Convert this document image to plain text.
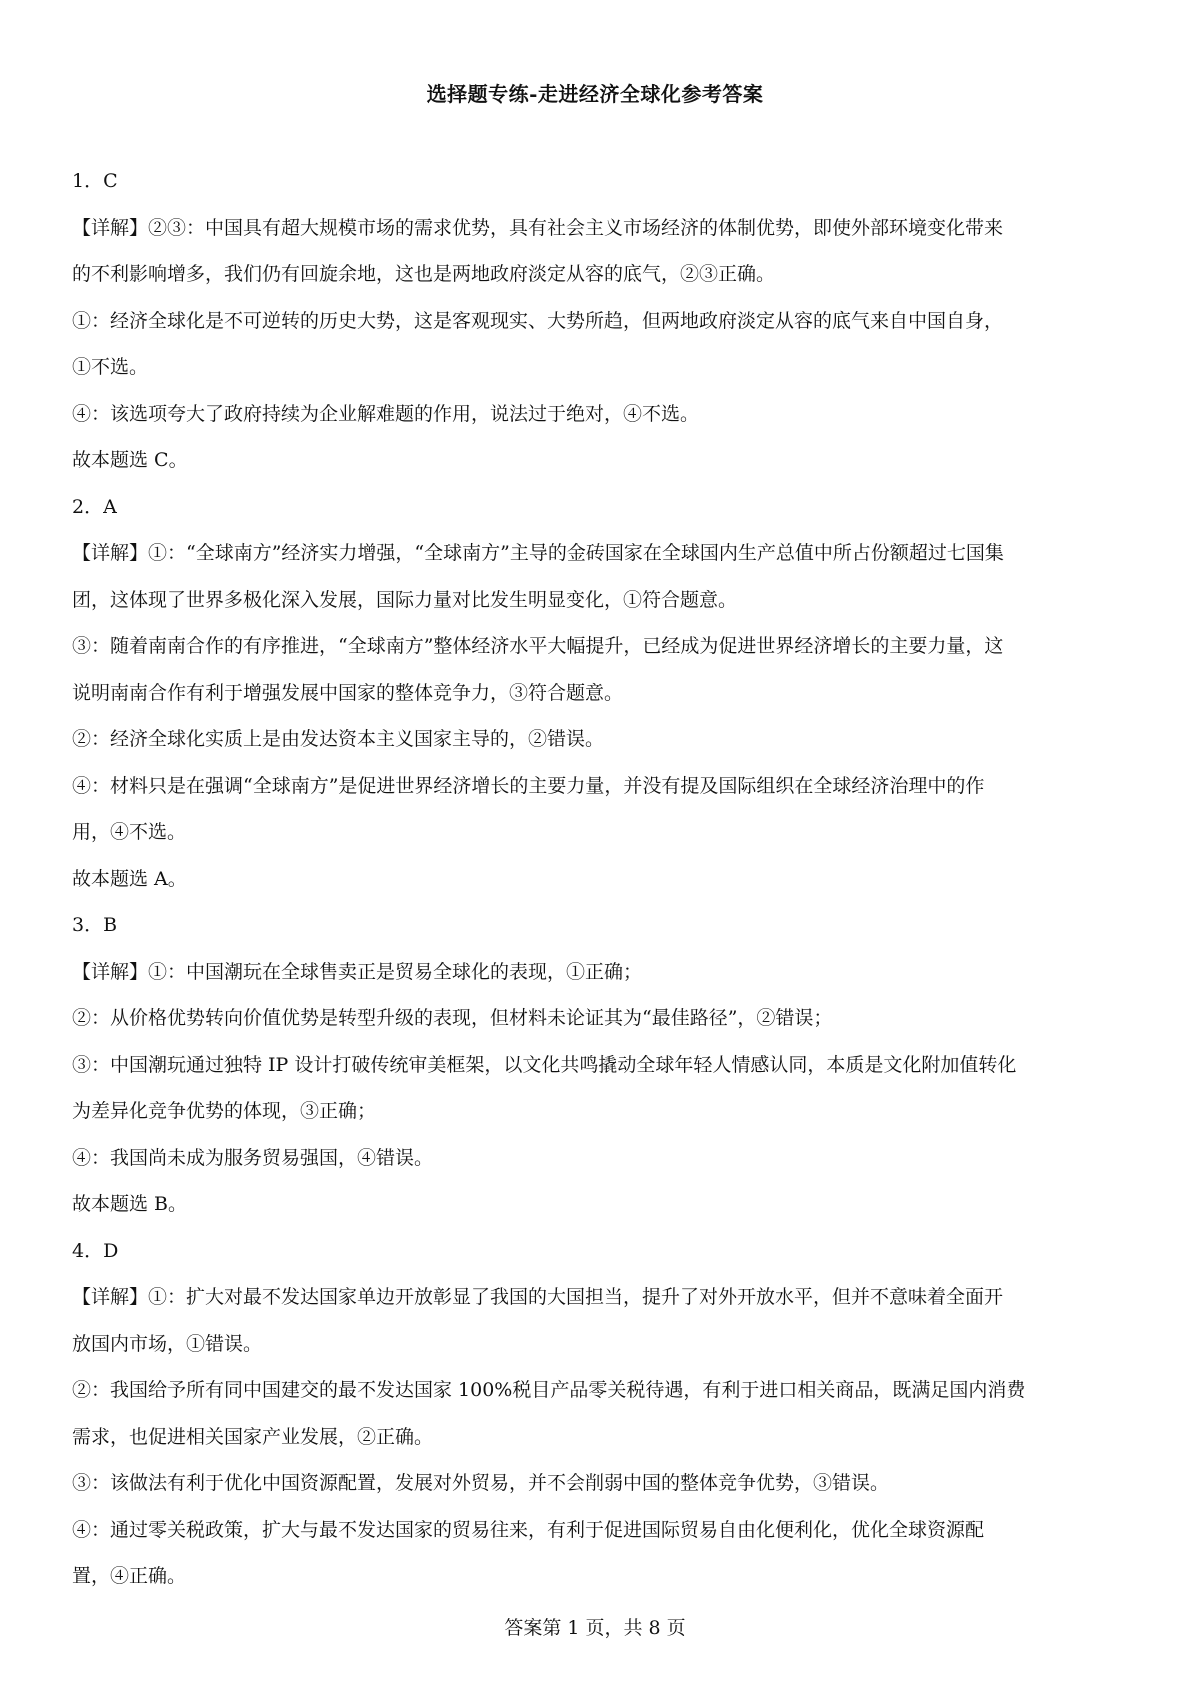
选择题专练-走进经济全球化参考答案
1．C
【详解】②③：中国具有超大规模市场的需求优势，具有社会主义市场经济的体制优势，即使外部环境变化带来
的不利影响增多，我们仍有回旋余地，这也是两地政府淡定从容的底气，②③正确。
①：经济全球化是不可逆转的历史大势，这是客观现实、大势所趋，但两地政府淡定从容的底气来自中国自身，
①不选。
④：该选项夸大了政府持续为企业解难题的作用，说法过于绝对，④不选。
故本题选 C。
2．A
【详解】①：“全球南方”经济实力增强，“全球南方”主导的金砖国家在全球国内生产总值中所占份额超过七国集
团，这体现了世界多极化深入发展，国际力量对比发生明显变化，①符合题意。
③：随着南南合作的有序推进，“全球南方”整体经济水平大幅提升，已经成为促进世界经济增长的主要力量，这
说明南南合作有利于增强发展中国家的整体竞争力，③符合题意。
②：经济全球化实质上是由发达资本主义国家主导的，②错误。
④：材料只是在强调“全球南方”是促进世界经济增长的主要力量，并没有提及国际组织在全球经济治理中的作
用，④不选。
故本题选 A。
3．B
【详解】①：中国潮玩在全球售卖正是贸易全球化的表现，①正确；
②：从价格优势转向价值优势是转型升级的表现，但材料未论证其为“最佳路径”，②错误；
③：中国潮玩通过独特 IP 设计打破传统审美框架，以文化共鸣撬动全球年轻人情感认同，本质是文化附加值转化
为差异化竞争优势的体现，③正确；
④：我国尚未成为服务贸易强国，④错误。
故本题选 B。
4．D
【详解】①：扩大对最不发达国家单边开放彰显了我国的大国担当，提升了对外开放水平，但并不意味着全面开
放国内市场，①错误。
②：我国给予所有同中国建交的最不发达国家 100%税目产品零关税待遇，有利于进口相关商品，既满足国内消费
需求，也促进相关国家产业发展，②正确。
③：该做法有利于优化中国资源配置，发展对外贸易，并不会削弱中国的整体竞争优势，③错误。
④：通过零关税政策，扩大与最不发达国家的贸易往来，有利于促进国际贸易自由化便利化，优化全球资源配
置，④正确。
答案第 1 页，共 8 页
